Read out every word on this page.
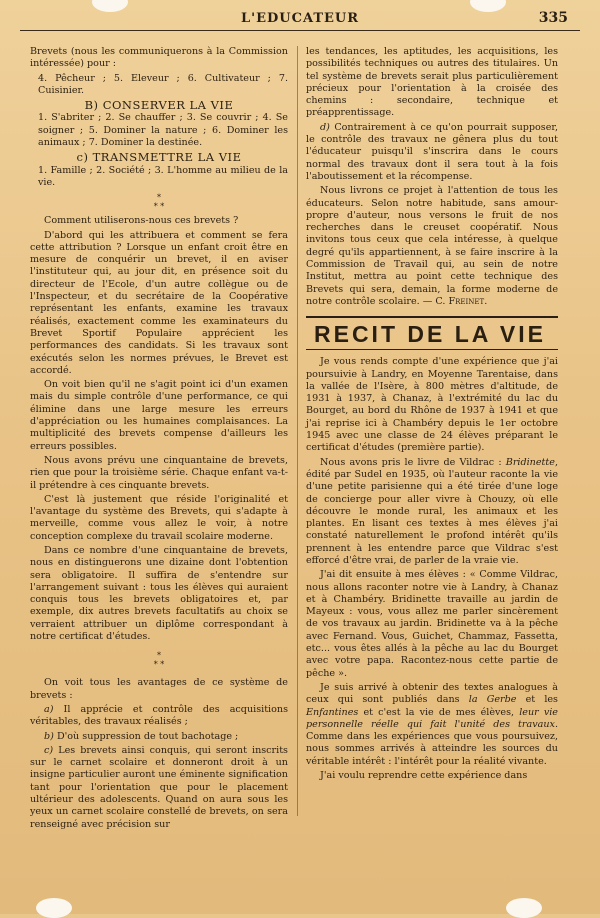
L'EDUCATEUR	335

Brevets (nous les communiquerons à la Commission intéressée) pour :

4. Pêcheur ; 5. Eleveur ; 6. Cultivateur ; 7. Cuisinier.

B) CONSERVER LA VIE

1. S'abriter ; 2. Se chauffer ; 3. Se couvrir ; 4. Se soigner ; 5. Dominer la nature ; 6. Dominer les animaux ; 7. Dominer la destinée.

c) TRANSMETTRE LA VIE

1. Famille ; 2. Société ; 3. L'homme au milieu de la vie.

*
* *

Comment utiliserons-nous ces brevets ?

D'abord qui les attribuera et comment se fera cette attribution ? Lorsque un enfant croit être en mesure de conquérir un brevet, il en aviser l'instituteur qui, au jour dit, en présence soit du directeur de l'Ecole, d'un autre collègue ou de l'Inspecteur, et du secrétaire de la Coopérative représentant les enfants, examine les travaux réalisés, exactement comme les examinateurs du Brevet Sportif Populaire apprécient les performances des candidats. Si les travaux sont exécutés selon les normes prévues, le Brevet est accordé.

On voit bien qu'il ne s'agit point ici d'un examen mais du simple contrôle d'une performance, ce qui élimine dans une large mesure les erreurs d'appréciation ou les humaines complaisances. La multiplicité des brevets compense d'ailleurs les erreurs possibles.

Nous avons prévu une cinquantaine de brevets, rien que pour la troisième série. Chaque enfant va-t-il prétendre à ces cinquante brevets.

C'est là justement que réside l'originalité et l'avantage du système des Brevets, qui s'adapte à merveille, comme vous allez le voir, à notre conception complexe du travail scolaire moderne.

Dans ce nombre d'une cinquantaine de brevets, nous en distinguerons une dizaine dont l'obtention sera obligatoire. Il suffira de s'entendre sur l'arrangement suivant : tous les élèves qui auraient conquis tous les brevets obligatoires et, par exemple, dix autres brevets facultatifs au choix se verraient attribuer un diplôme correspondant à notre certificat d'études.

*
* *

On voit tous les avantages de ce système de brevets :

a) Il apprécie et contrôle des acquisitions véritables, des travaux réalisés ;

b) D'où suppression de tout bachotage ;

c) Les brevets ainsi conquis, qui seront inscrits sur le carnet scolaire et donneront droit à un insigne particulier auront une éminente signification tant pour l'orientation que pour le placement ultérieur des adolescents. Quand on aura sous les yeux un carnet scolaire constellé de brevets, on sera renseigné avec précision sur

les tendances, les aptitudes, les acquisitions, les possibilités techniques ou autres des titulaires. Un tel système de brevets serait plus particulièrement précieux pour l'orientation à la croisée des chemins : secondaire, technique et préapprentissage.

d) Contrairement à ce qu'on pourrait supposer, le contrôle des travaux ne gênera plus du tout l'éducateur puisqu'il s'inscrira dans le cours normal des travaux dont il sera tout à la fois l'aboutissement et la récompense.

Nous livrons ce projet à l'attention de tous les éducateurs. Selon notre habitude, sans amour-propre d'auteur, nous versons le fruit de nos recherches dans le creuset coopératif. Nous invitons tous ceux que cela intéresse, à quelque degré qu'ils appartiennent, à se faire inscrire à la Commission de Travail qui, au sein de notre Institut, mettra au point cette technique des Brevets qui sera, demain, la forme moderne de notre contrôle scolaire. — C. Freinet.

RECIT DE LA VIE

Je vous rends compte d'une expérience que j'ai poursuivie à Landry, en Moyenne Tarentaise, dans la vallée de l'Isère, à 800 mètres d'altitude, de 1931 à 1937, à Chanaz, à l'extrémité du lac du Bourget, au bord du Rhône de 1937 à 1941 et que j'ai reprise ici à Chambéry depuis le 1er octobre 1945 avec une classe de 24 élèves préparant le certificat d'études (première partie).

Nous avons pris le livre de Vildrac : Bridinette, édité par Sudel en 1935, où l'auteur raconte la vie d'une petite parisienne qui a été tirée d'une loge de concierge pour aller vivre à Chouzy, où elle découvre le monde rural, les animaux et les plantes. En lisant ces textes à mes élèves j'ai constaté naturellement le profond intérêt qu'ils prennent à les entendre parce que Vildrac s'est efforcé d'être vrai, de parler de la vraie vie.

J'ai dit ensuite à mes élèves : « Comme Vildrac, nous allons raconter notre vie à Landry, à Chanaz et à Chambéry. Bridinette travaille au jardin de Mayeux : vous, vous allez me parler sincèrement de vos travaux au jardin. Bridinette va à la pêche avec Fernand. Vous, Guichet, Chammaz, Fassetta, etc... vous êtes allés à la pêche au lac du Bourget avec votre papa. Racontez-nous cette partie de pêche ».

Je suis arrivé à obtenir des textes analogues à ceux qui sont publiés dans la Gerbe et les Enfantines et c'est la vie de mes élèves, leur vie personnelle réelle qui fait l'unité des travaux. Comme dans les expériences que vous poursuivez, nous sommes arrivés à atteindre les sources du véritable intérêt : l'intérêt pour la réalité vivante.

J'ai voulu reprendre cette expérience dans
